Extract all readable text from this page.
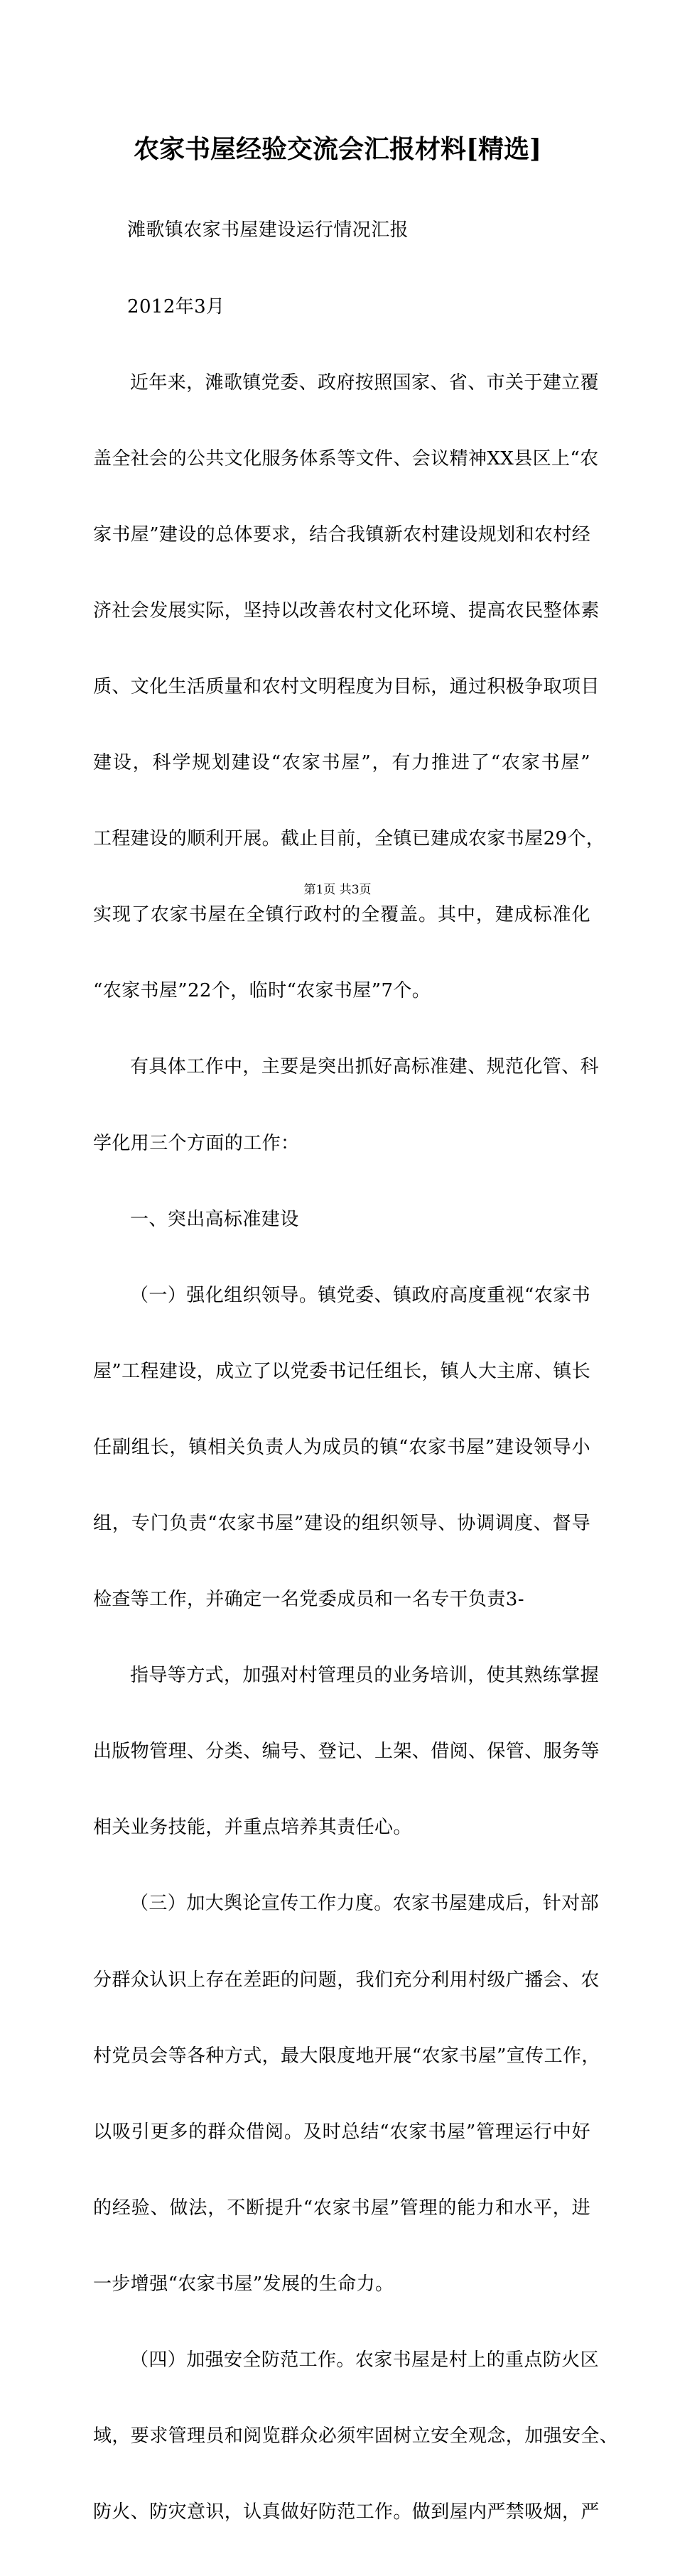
农家书屋经验交流会汇报材料[精选]

滩歌镇农家书屋建设运行情况汇报

2012年3月

近年来，滩歌镇党委、政府按照国家、省、市关于建立覆

盖全社会的公共文化服务体系等文件、会议精神XX县区上“农

家书屋”建设的总体要求，结合我镇新农村建设规划和农村经

济社会发展实际，坚持以改善农村文化环境、提高农民整体素

质、文化生活质量和农村文明程度为目标，通过积极争取项目

建设，科学规划建设“农家书屋”，有力推进了“农家书屋”

工程建设的顺利开展。截止目前，全镇已建成农家书屋29个，

实现了农家书屋在全镇行政村的全覆盖。其中，建成标准化

“农家书屋”22个，临时“农家书屋”7个。

有具体工作中，主要是突出抓好高标准建、规范化管、科

学化用三个方面的工作：

一、突出高标准建设

（一）强化组织领导。镇党委、镇政府高度重视“农家书

屋”工程建设，成立了以党委书记任组长，镇人大主席、镇长

任副组长，镇相关负责人为成员的镇“农家书屋”建设领导小

组，专门负责“农家书屋”建设的组织领导、协调调度、督导

检查等工作，并确定一名党委成员和一名专干负责3-

指导等方式，加强对村管理员的业务培训，使其熟练掌握

出版物管理、分类、编号、登记、上架、借阅、保管、服务等

相关业务技能，并重点培养其责任心。

（三）加大舆论宣传工作力度。农家书屋建成后，针对部

分群众认识上存在差距的问题，我们充分利用村级广播会、农

村党员会等各种方式，最大限度地开展“农家书屋”宣传工作，

以吸引更多的群众借阅。及时总结“农家书屋”管理运行中好

的经验、做法，不断提升“农家书屋”管理的能力和水平，进

一步增强“农家书屋”发展的生命力。

（四）加强安全防范工作。农家书屋是村上的重点防火区

域，要求管理员和阅览群众必须牢固树立安全观念，加强安全、

防火、防灾意识，认真做好防范工作。做到屋内严禁吸烟，严

第1页 共3页
